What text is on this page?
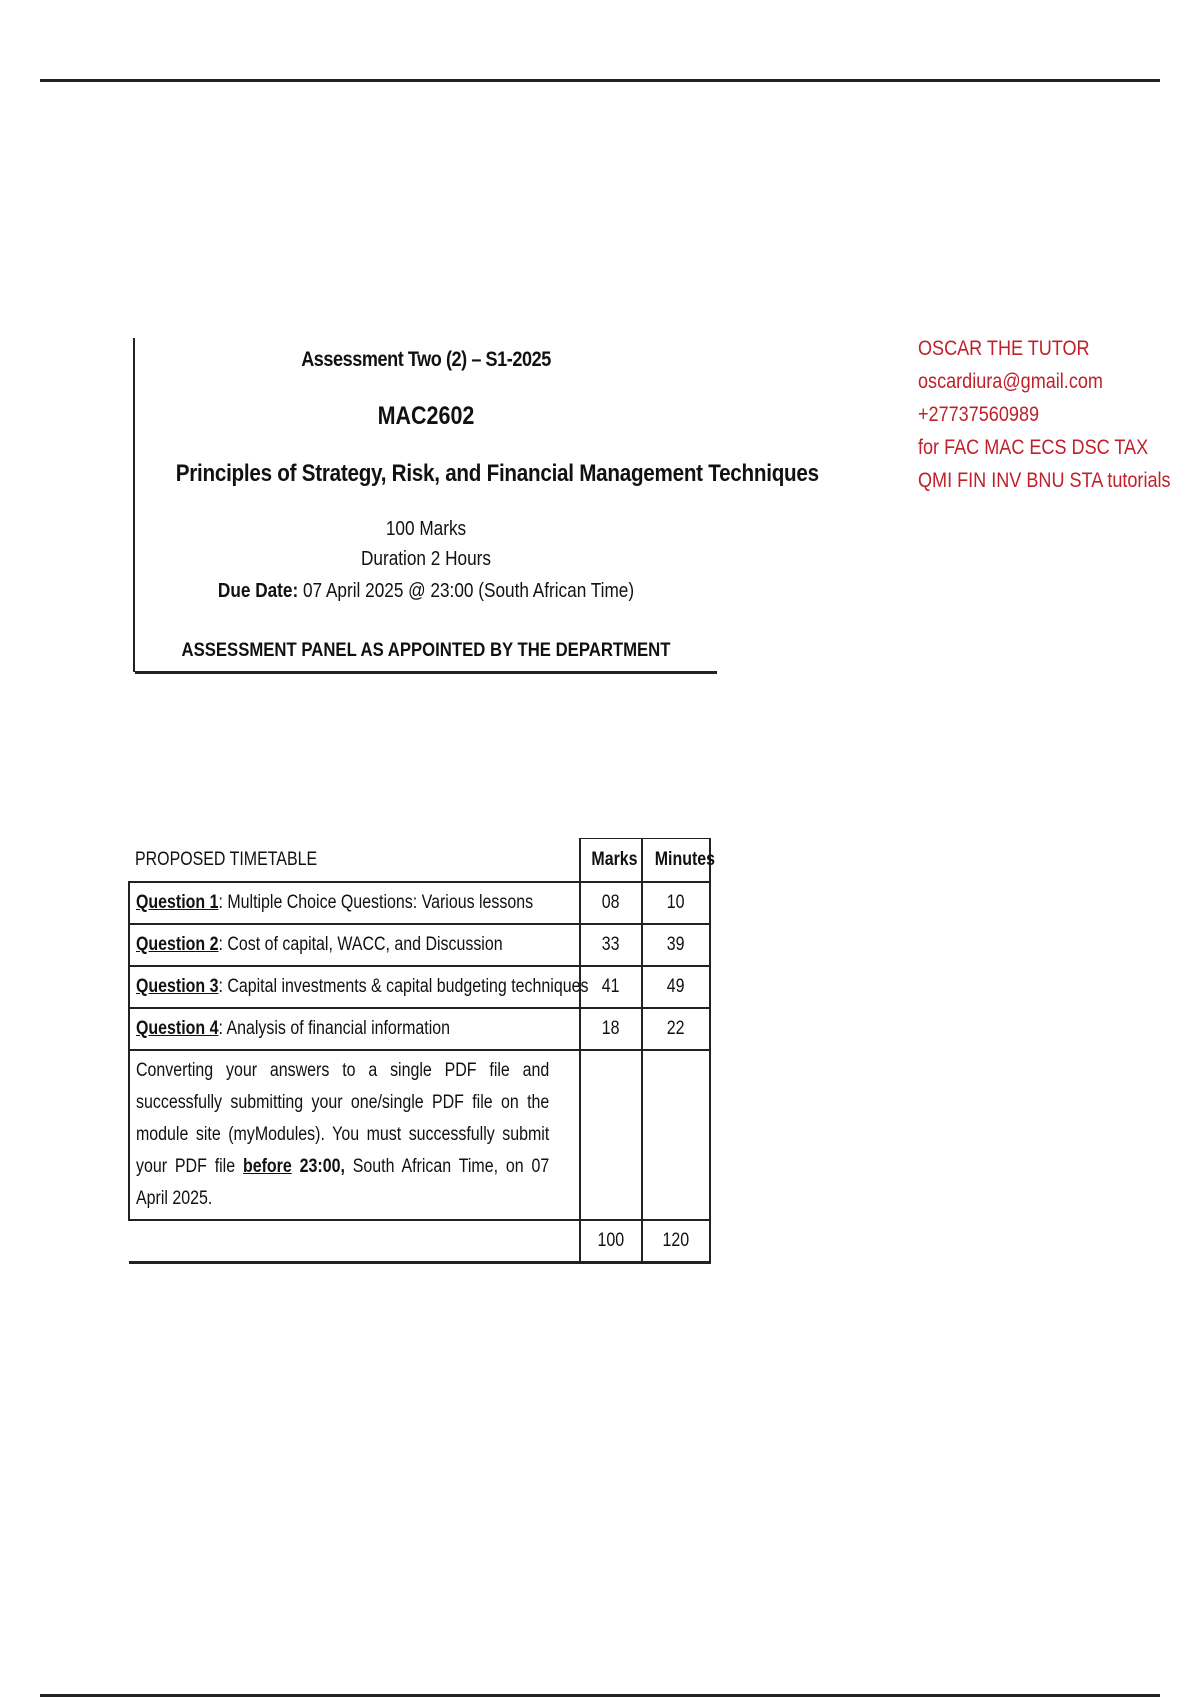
Assessment Two (2) – S1-2025
MAC2602
Principles of Strategy, Risk, and Financial Management Techniques
100 Marks
Duration 2 Hours
Due Date: 07 April 2025 @ 23:00 (South African Time)
ASSESSMENT PANEL AS APPOINTED BY THE DEPARTMENT
OSCAR THE TUTOR
oscardiura@gmail.com
+27737560989
for FAC MAC ECS DSC TAX
QMI FIN INV BNU STA tutorials
PROPOSED TIMETABLE	Marks	Minutes
Question 1: Multiple Choice Questions: Various lessons	08	10
Question 2: Cost of capital, WACC, and Discussion	33	39
Question 3: Capital investments & capital budgeting techniques	41	49
Question 4: Analysis of financial information	18	22

Converting your answers to a single PDF file and successfully submitting your one/single PDF file on the module site (myModules). You must successfully submit your PDF file before 23:00, South African Time, on 07 April 2025.		

	100	120
